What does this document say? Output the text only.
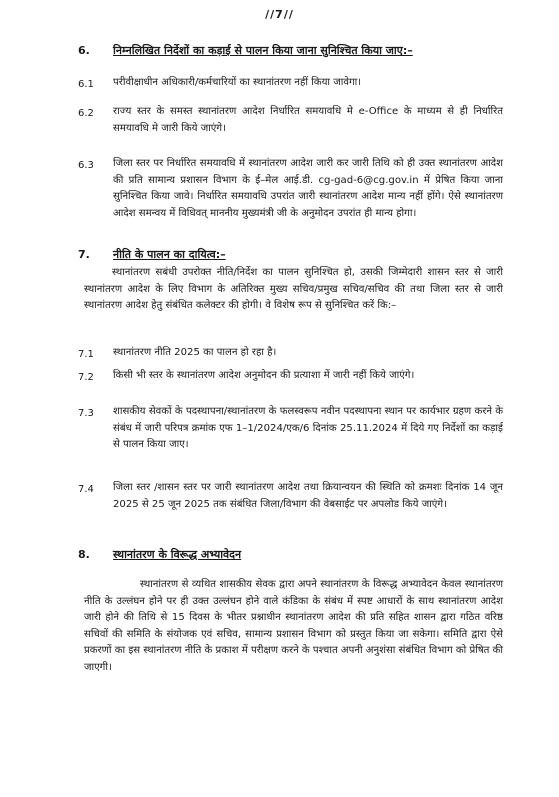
//7//
6. निम्नलिखित निर्देशों का कड़ाई से पालन किया जाना सुनिश्चित किया जाए:–
6.1 परीवीक्षाधीन अधिकारी/कर्मचारियों का स्थानांतरण नहीं किया जावेगा।

6.2 राज्य स्तर के समस्त स्थानांतरण आदेश निर्धारित समयावधि मे e-Office के माध्यम से ही निर्धारित समयावधि मे जारी किये जाएंगे।

6.3 जिला स्तर पर निर्धारित समयावधि में स्थानांतरण आदेश जारी कर जारी तिथि को ही उक्त स्थानांतरण आदेश की प्रति सामान्य प्रशासन विभाग के ई–मेल आई.डी. cg-gad-6@cg.gov.in में प्रेषित किया जाना सुनिश्चित किया जावे। निर्धारित समयावधि उपरांत जारी स्थानांतरण आदेश मान्य नहीं होंगे। ऐसे स्थानांतरण आदेश समन्वय में विधिवत् माननीय मुख्यमंत्री जी के अनुमोदन उपरांत ही मान्य होगा।

7. नीति के पालन का दायित्व:–

स्थानांतरण सबंधी उपरोक्त नीति/निर्देश का पालन सुनिश्चित हो, उसकी जिम्मेदारी शासन स्तर से जारी स्थानांतरण आदेश के लिए विभाग के अतिरिक्त मुख्य सचिव/प्रमुख सचिव/सचिव की तथा जिला स्तर से जारी स्थानांतरण आदेश हेतु संबंधित कलेक्टर की होगी। वे विशेष रूप से सुनिश्चित करें कि:–

7.1 स्थानांतरण नीति 2025 का पालन हो रहा है।

7.2 किसी भी स्तर के स्थानांतरण आदेश अनुमोदन की प्रत्याशा में जारी नहीं किये जाएंगे।

7.3 शासकीय सेवकों के पदस्थापना/स्थानांतरण के फलस्वरूप नवीन पदस्थापना स्थान पर कार्यभार ग्रहण करने के संबंध में जारी परिपत्र क्रमांक एफ 1–1/2024/एक/6 दिनांक 25.11.2024 में दिये गए निर्देशों का कड़ाई से पालन किया जाए।

7.4 जिला स्तर /शासन स्तर पर जारी स्थानांतरण आदेश तथा क्रियान्वयन की स्थिति को क्रमशः दिनांक 14 जून 2025 से 25 जून 2025 तक संबंधित जिला/विभाग की वेबसाईट पर अपलोड किये जाएंगे।

8. स्थानांतरण के विरूद्ध अभ्यावेदन

स्थानांतरण से व्यथित शासकीय सेवक द्वारा अपने स्थानांतरण के विरूद्ध अभ्यावेदन केवल स्थानांतरण नीति के उल्लंघन होने पर ही उक्त उल्लंघन होने वाले कंडिका के संबंध में स्पष्ट आधारों के साथ स्थानांतरण आदेश जारी होने की तिथि से 15 दिवस के भीतर प्रश्नाधीन स्थानांतरण आदेश की प्रति सहित शासन द्वारा गठित वरिष्ठ सचिवों की समिति के संयोजक एवं सचिव, सामान्य प्रशासन विभाग को प्रस्तुत किया जा सकेगा। समिति द्वारा ऐसे प्रकरणों का इस स्थानांतरण नीति के प्रकाश में परीक्षण करने के पश्चात अपनी अनुशंसा संबंधित विभाग को प्रेषित की जाएगी।
